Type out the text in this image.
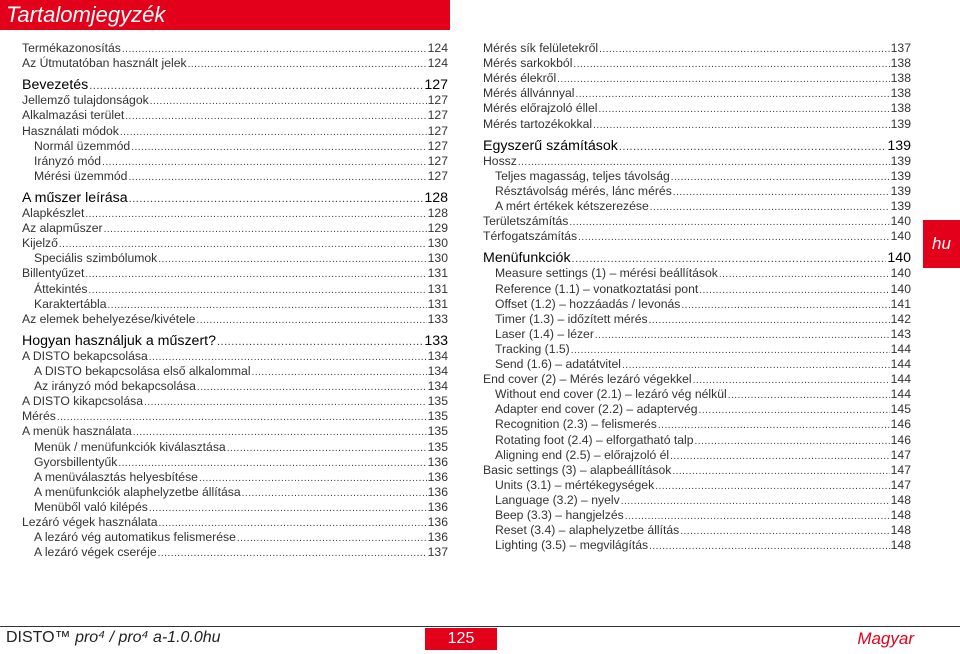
Tartalomjegyzék
hu
Termékazonosítás .....	124
Az Útmutatóban használt jelek .....	124
Bevezetés .....	127
Jellemző tulajdonságok .....	127
Alkalmazási terület .....	127
Használati módok .....	127
Normál üzemmód .....	127
Irányzó mód .....	127
Mérési üzemmód .....	127
A műszer leírása .....	128
Alapkészlet .....	128
Az alapműszer .....	129
Kijelző .....	130
Speciális szimbólumok .....	130
Billentyűzet .....	131
Áttekintés .....	131
Karaktertábla .....	131
Az elemek behelyezése/kivétele .....	133
Hogyan használjuk a műszert? .....	133
A DISTO bekapcsolása .....	134
A DISTO bekapcsolása első alkalommal .....	134
Az irányzó mód bekapcsolása .....	134
A DISTO kikapcsolása .....	135
Mérés .....	135
A menük használata .....	135
Menük / menüfunkciók kiválasztása .....	135
Gyorsbillentyűk .....	136
A menüválasztás helyesbítése .....	136
A menüfunkciók alaphelyzetbe állítása .....	136
Menüből való kilépés .....	136
Lezáró végek használata .....	136
A lezáró vég automatikus felismerése .....	136
A lezáró végek cseréje .....	137
Mérés sík felületekről .....	137
Mérés sarkokból .....	138
Mérés élekről .....	138
Mérés állvánnyal .....	138
Mérés előrajzoló éllel .....	138
Mérés tartozékokkal .....	139
Egyszerű számítások .....	139
Hossz .....	139
Teljes magasság, teljes távolság .....	139
Résztávolság mérés, lánc mérés .....	139
A mért értékek kétszerezése .....	139
Területszámítás .....	140
Térfogatszámítás .....	140
Menüfunkciók .....	140
Measure settings (1) – mérési beállítások .....	140
Reference (1.1) – vonatkoztatási pont .....	140
Offset (1.2) – hozzáadás / levonás .....	141
Timer (1.3) – időzített mérés .....	142
Laser (1.4) – lézer .....	143
Tracking (1.5) .....	144
Send (1.6) – adatátvitel .....	144
End cover (2) – Mérés lezáró végekkel .....	144
Without end cover (2.1) – lezáró vég nélkül .....	144
Adapter end cover (2.2) – adaptervég .....	145
Recognition (2.3) – felismerés .....	146
Rotating foot (2.4) – elforgatható talp .....	146
Aligning end (2.5) – előrajzoló él .....	147
Basic settings (3) – alapbeállítások .....	147
Units (3.1) – mértékegységek .....	147
Language (3.2) – nyelv .....	148
Beep (3.3) – hangjelzés .....	148
Reset (3.4) – alaphelyzetbe állítás .....	148
Lighting (3.5) – megvilágítás .....	148
DISTO™ pro⁴ / pro⁴ a-1.0.0hu	125	Magyar
